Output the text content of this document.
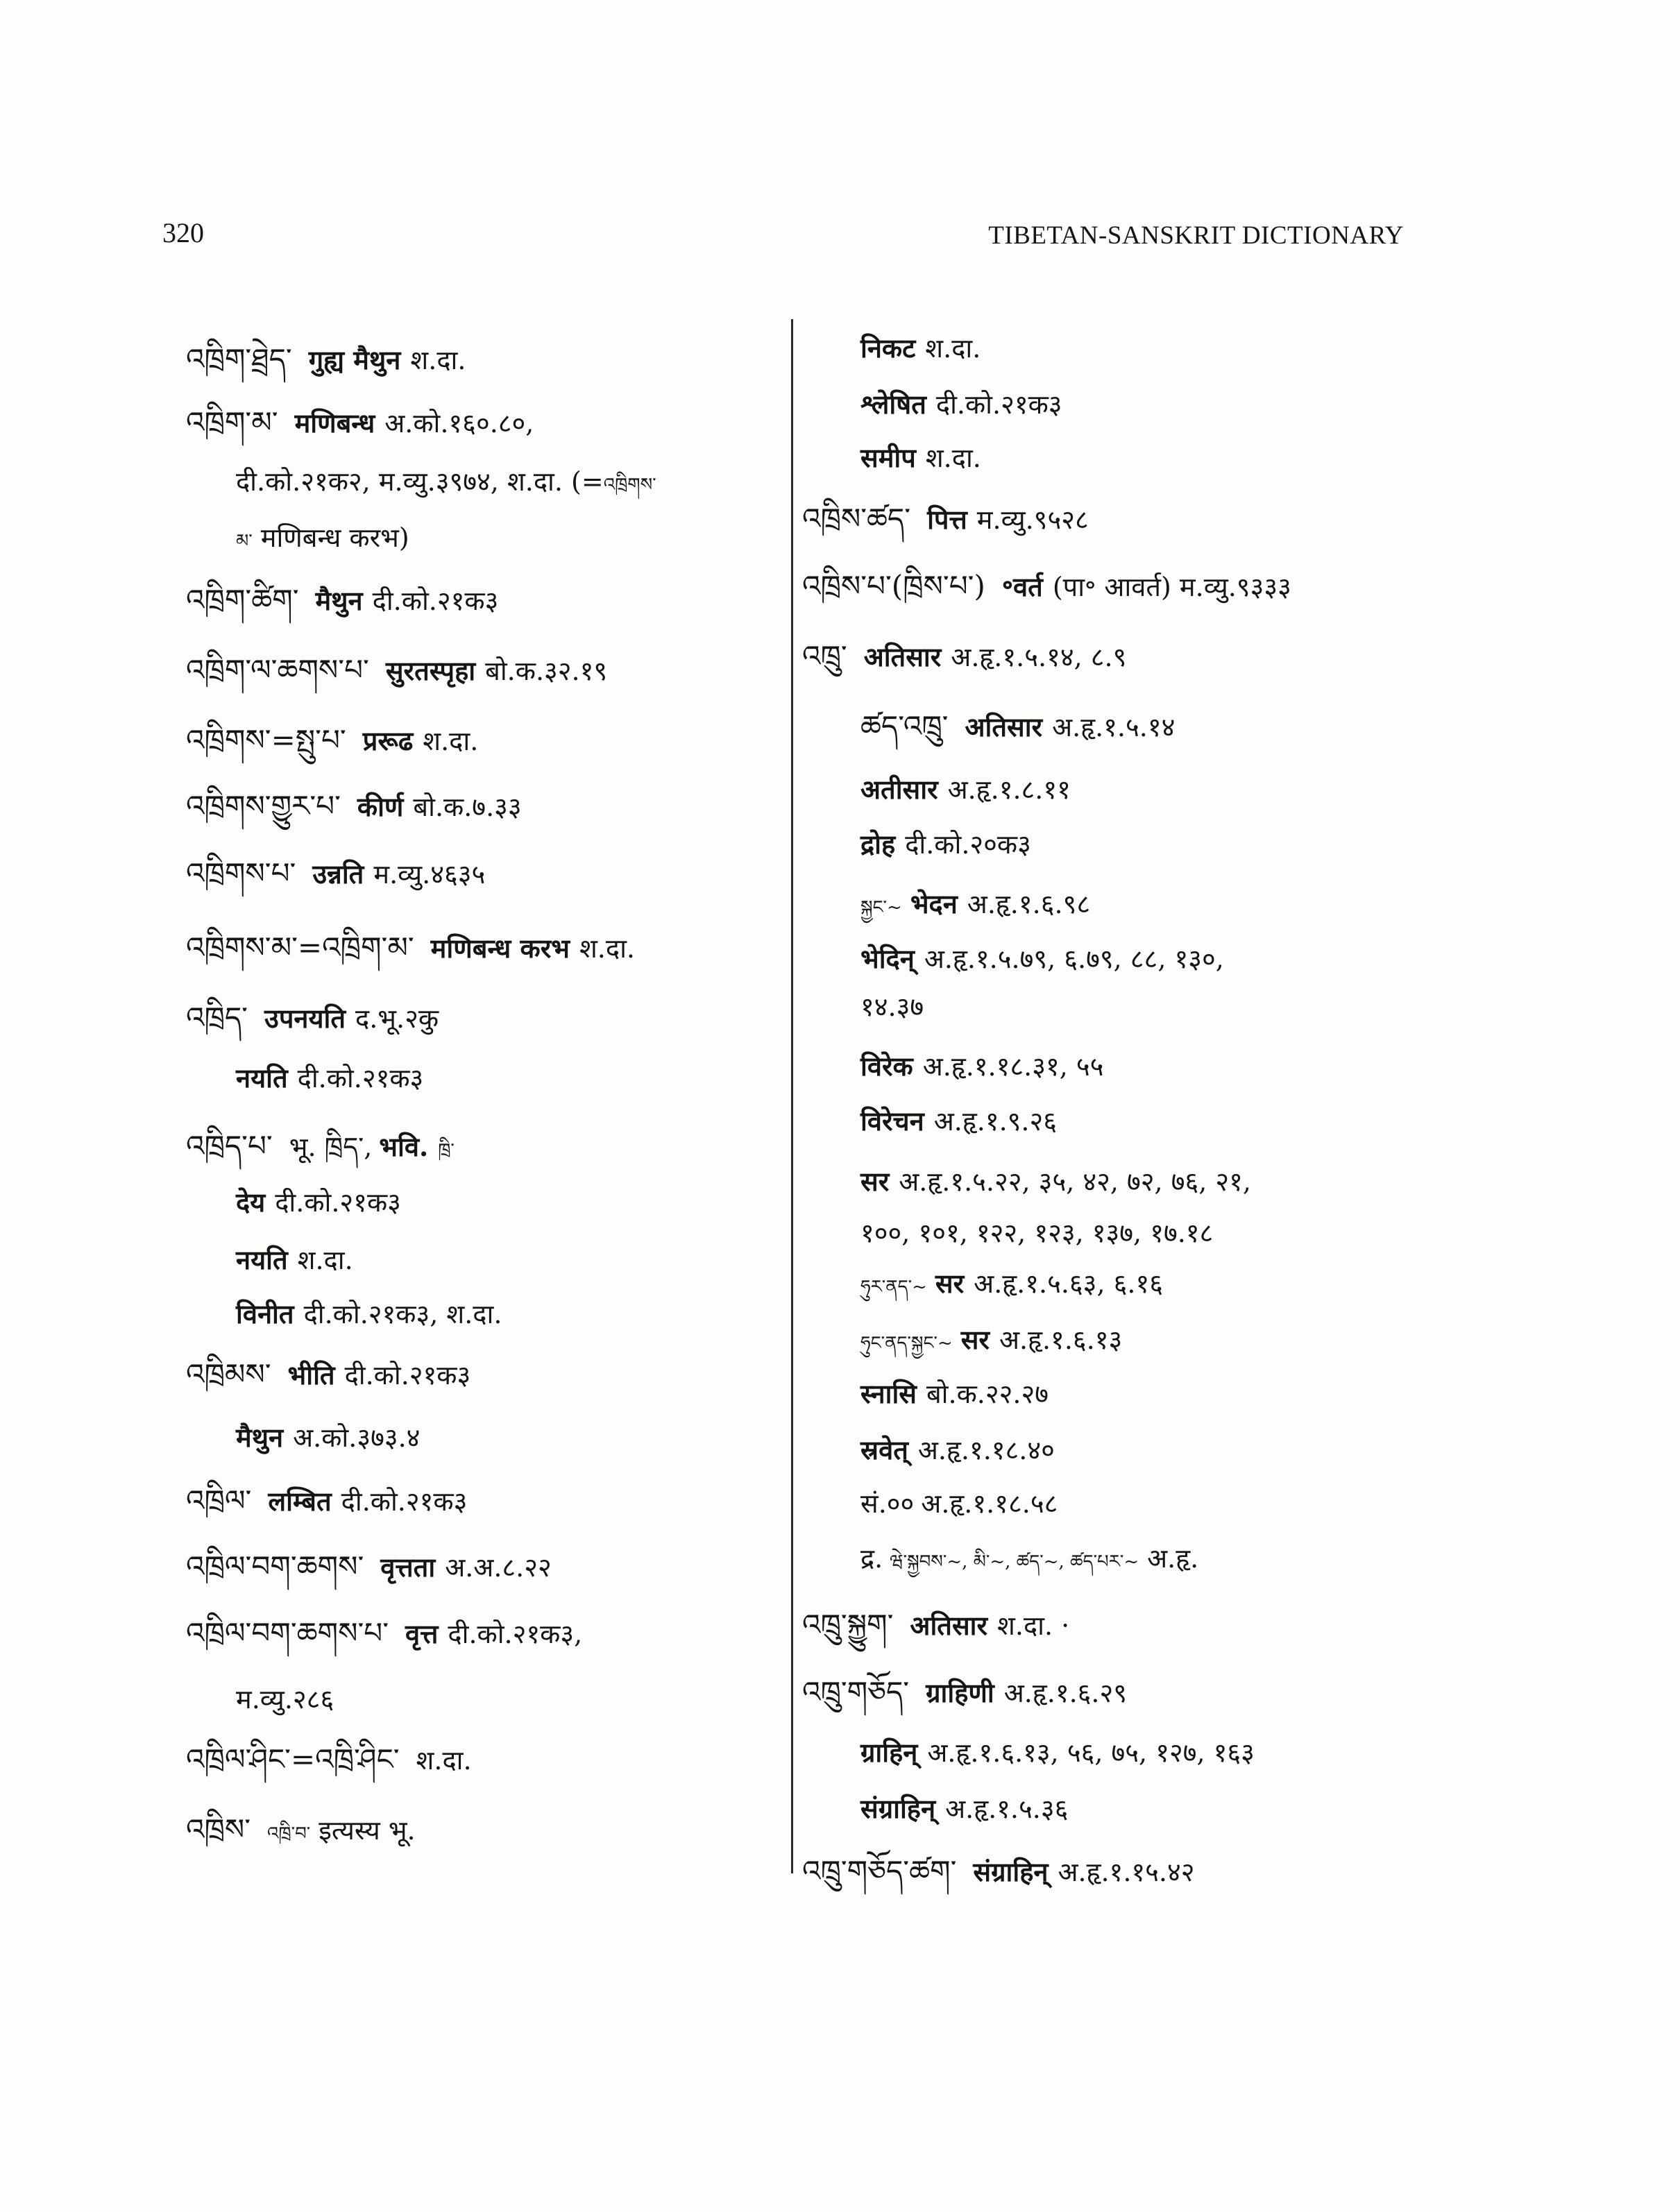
320	TIBETAN-SANSKRIT DICTIONARY
འཁྲིག་ཐྲེད་ गुह्य मैथुन श.दा.
འཁྲིག་མ་ मणिबन्ध अ.को.१६०.८०,
दी.को.२१क२, म.व्यु.३९७४, श.दा. (=འཁྲིགས་
མ་ मणिबन्ध करभ)
འཁྲིག་ཚིག་ मैथुन दी.को.२१क३
འཁྲིག་ལ་ཆགས་པ་ सुरतस्पृहा बो.क.३२.१९
འཁྲིགས་=སྤུ་པ་ प्ररूढ श.दा.
འཁྲིགས་གྱུར་པ་ कीर्ण बो.क.७.३३
འཁྲིགས་པ་ उन्नति म.व्यु.४६३५
འཁྲིགས་མ་=འཁྲིག་མ་ मणिबन्ध करभ श.दा.
འཁྲིད་ उपनयति द.भू.२कु
नयति दी.को.२१क३
འཁྲིད་པ་ भू. ཁྲིད་, भवि. ཁྲི་
देय दी.को.२१क३
नयति श.दा.
विनीत दी.को.२१क३, श.दा.
འཁྲིམས་ भीति दी.को.२१क३
मैथुन अ.को.३७३.४
འཁྲིལ་ लम्बित दी.को.२१क३
འཁྲིལ་བག་ཆགས་ वृत्तता अ.अ.८.२२
འཁྲིལ་བག་ཆགས་པ་ वृत्त दी.को.२१क३,
म.व्यु.२८६
འཁྲིལ་ཤིང་=འཁྲི་ཤིང་ श.दा.
འཁྲིས་ འཁྲི་བ་ इत्यस्य भू.
निकट श.दा.
श्लेषित दी.को.२१क३
समीप श.दा.
འཁྲིས་ཚད་ पित्त म.व्यु.९५२८
འཁྲིས་པ་(ཁྲིས་པ་) ॰वर्त (पा॰ आवर्त) म.व्यु.९३३३
འཁྲུ་ अतिसार अ.हृ.१.५.१४, ८.९
ཚད་འཁྲུ་ अतिसार अ.हृ.१.५.१४
अतीसार अ.हृ.१.८.११
द्रोह दी.को.२०क३
སྐྱང་~ भेदन अ.हृ.१.६.९८
भेदिन् अ.हृ.१.५.७९, ६.७९, ८८, १३०,
१४.३७
विरेक अ.हृ.१.१८.३१, ५५
विरेचन अ.हृ.१.९.२६
सर अ.हृ.१.५.२२, ३५, ४२, ७२, ७६, २१,
१००, १०१, १२२, १२३, १३७, १७.१८
ཧུར་ནད་~ सर अ.हृ.१.५.६३, ६.१६
ཧུང་ནད་སྐྱང་~ सर अ.हृ.१.६.१३
स्नासि बो.क.२२.२७
स्रवेत् अ.हृ.१.१८.४०
सं.०० अ.हृ.१.१८.५८
द्र. ཝེ་སྐྱབས་~, མི་~, ཚད་~, ཚད་པར་~ अ.हृ.
འཁྲུ་སྐྱུག་ अतिसार श.दा. ·
འཁྲུ་གཅོད་ ग्राहिणी अ.हृ.१.६.२९
ग्राहिन् अ.हृ.१.६.१३, ५६, ७५, १२७, १६३
संग्राहिन् अ.हृ.१.५.३६
འཁྲུ་གཅོད་ཚག་ संग्राहिन् अ.हृ.१.१५.४२
